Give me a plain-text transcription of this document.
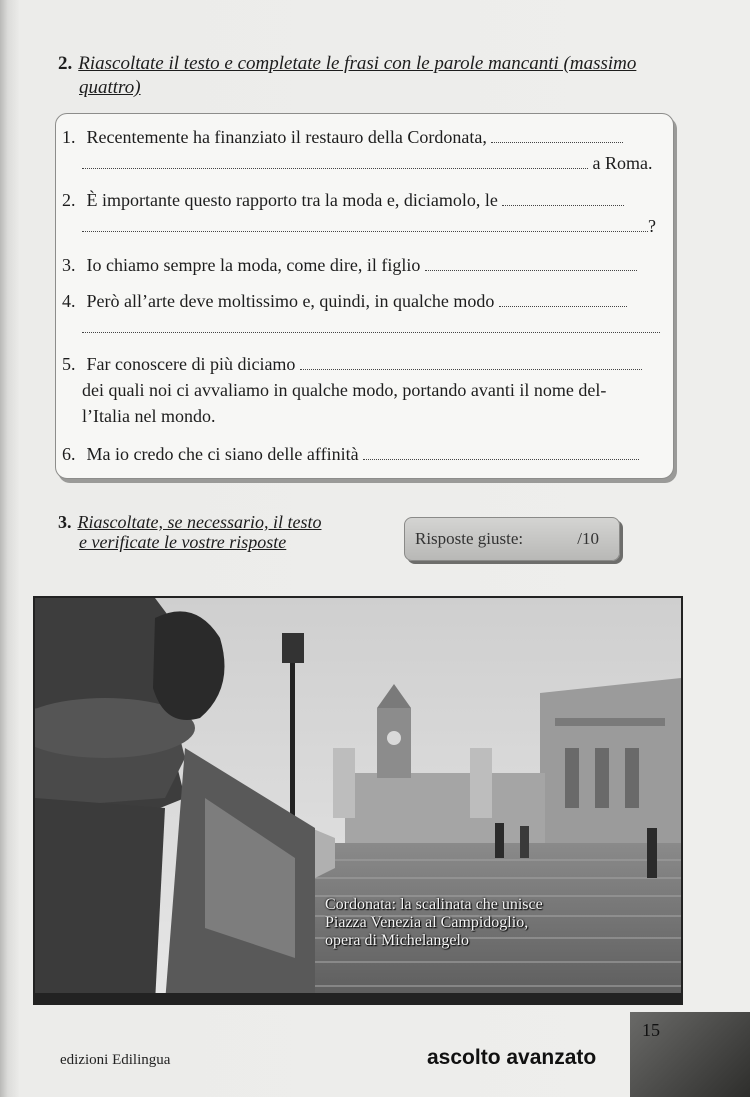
2. Riascoltate il testo e completate le frasi con le parole mancanti (massimo
quattro)
1. Recentemente ha finanziato il restauro della Cordonata,
a Roma.
2. È importante questo rapporto tra la moda e, diciamolo, le
?
3. Io chiamo sempre la moda, come dire, il figlio
4. Però all’arte deve moltissimo e, quindi, in qualche modo
5. Far conoscere di più diciamo
dei quali noi ci avvaliamo in qualche modo, portando avanti il nome del-
l’Italia nel mondo.
6. Ma io credo che ci siano delle affinità
3. Riascoltate, se necessario, il testo
e verificate le vostre risposte	Risposte giuste:	/10
Cordonata: la scalinata che unisce
Piazza Venezia al Campidoglio,
opera di Michelangelo
15
edizioni Edilingua	ascolto avanzato
